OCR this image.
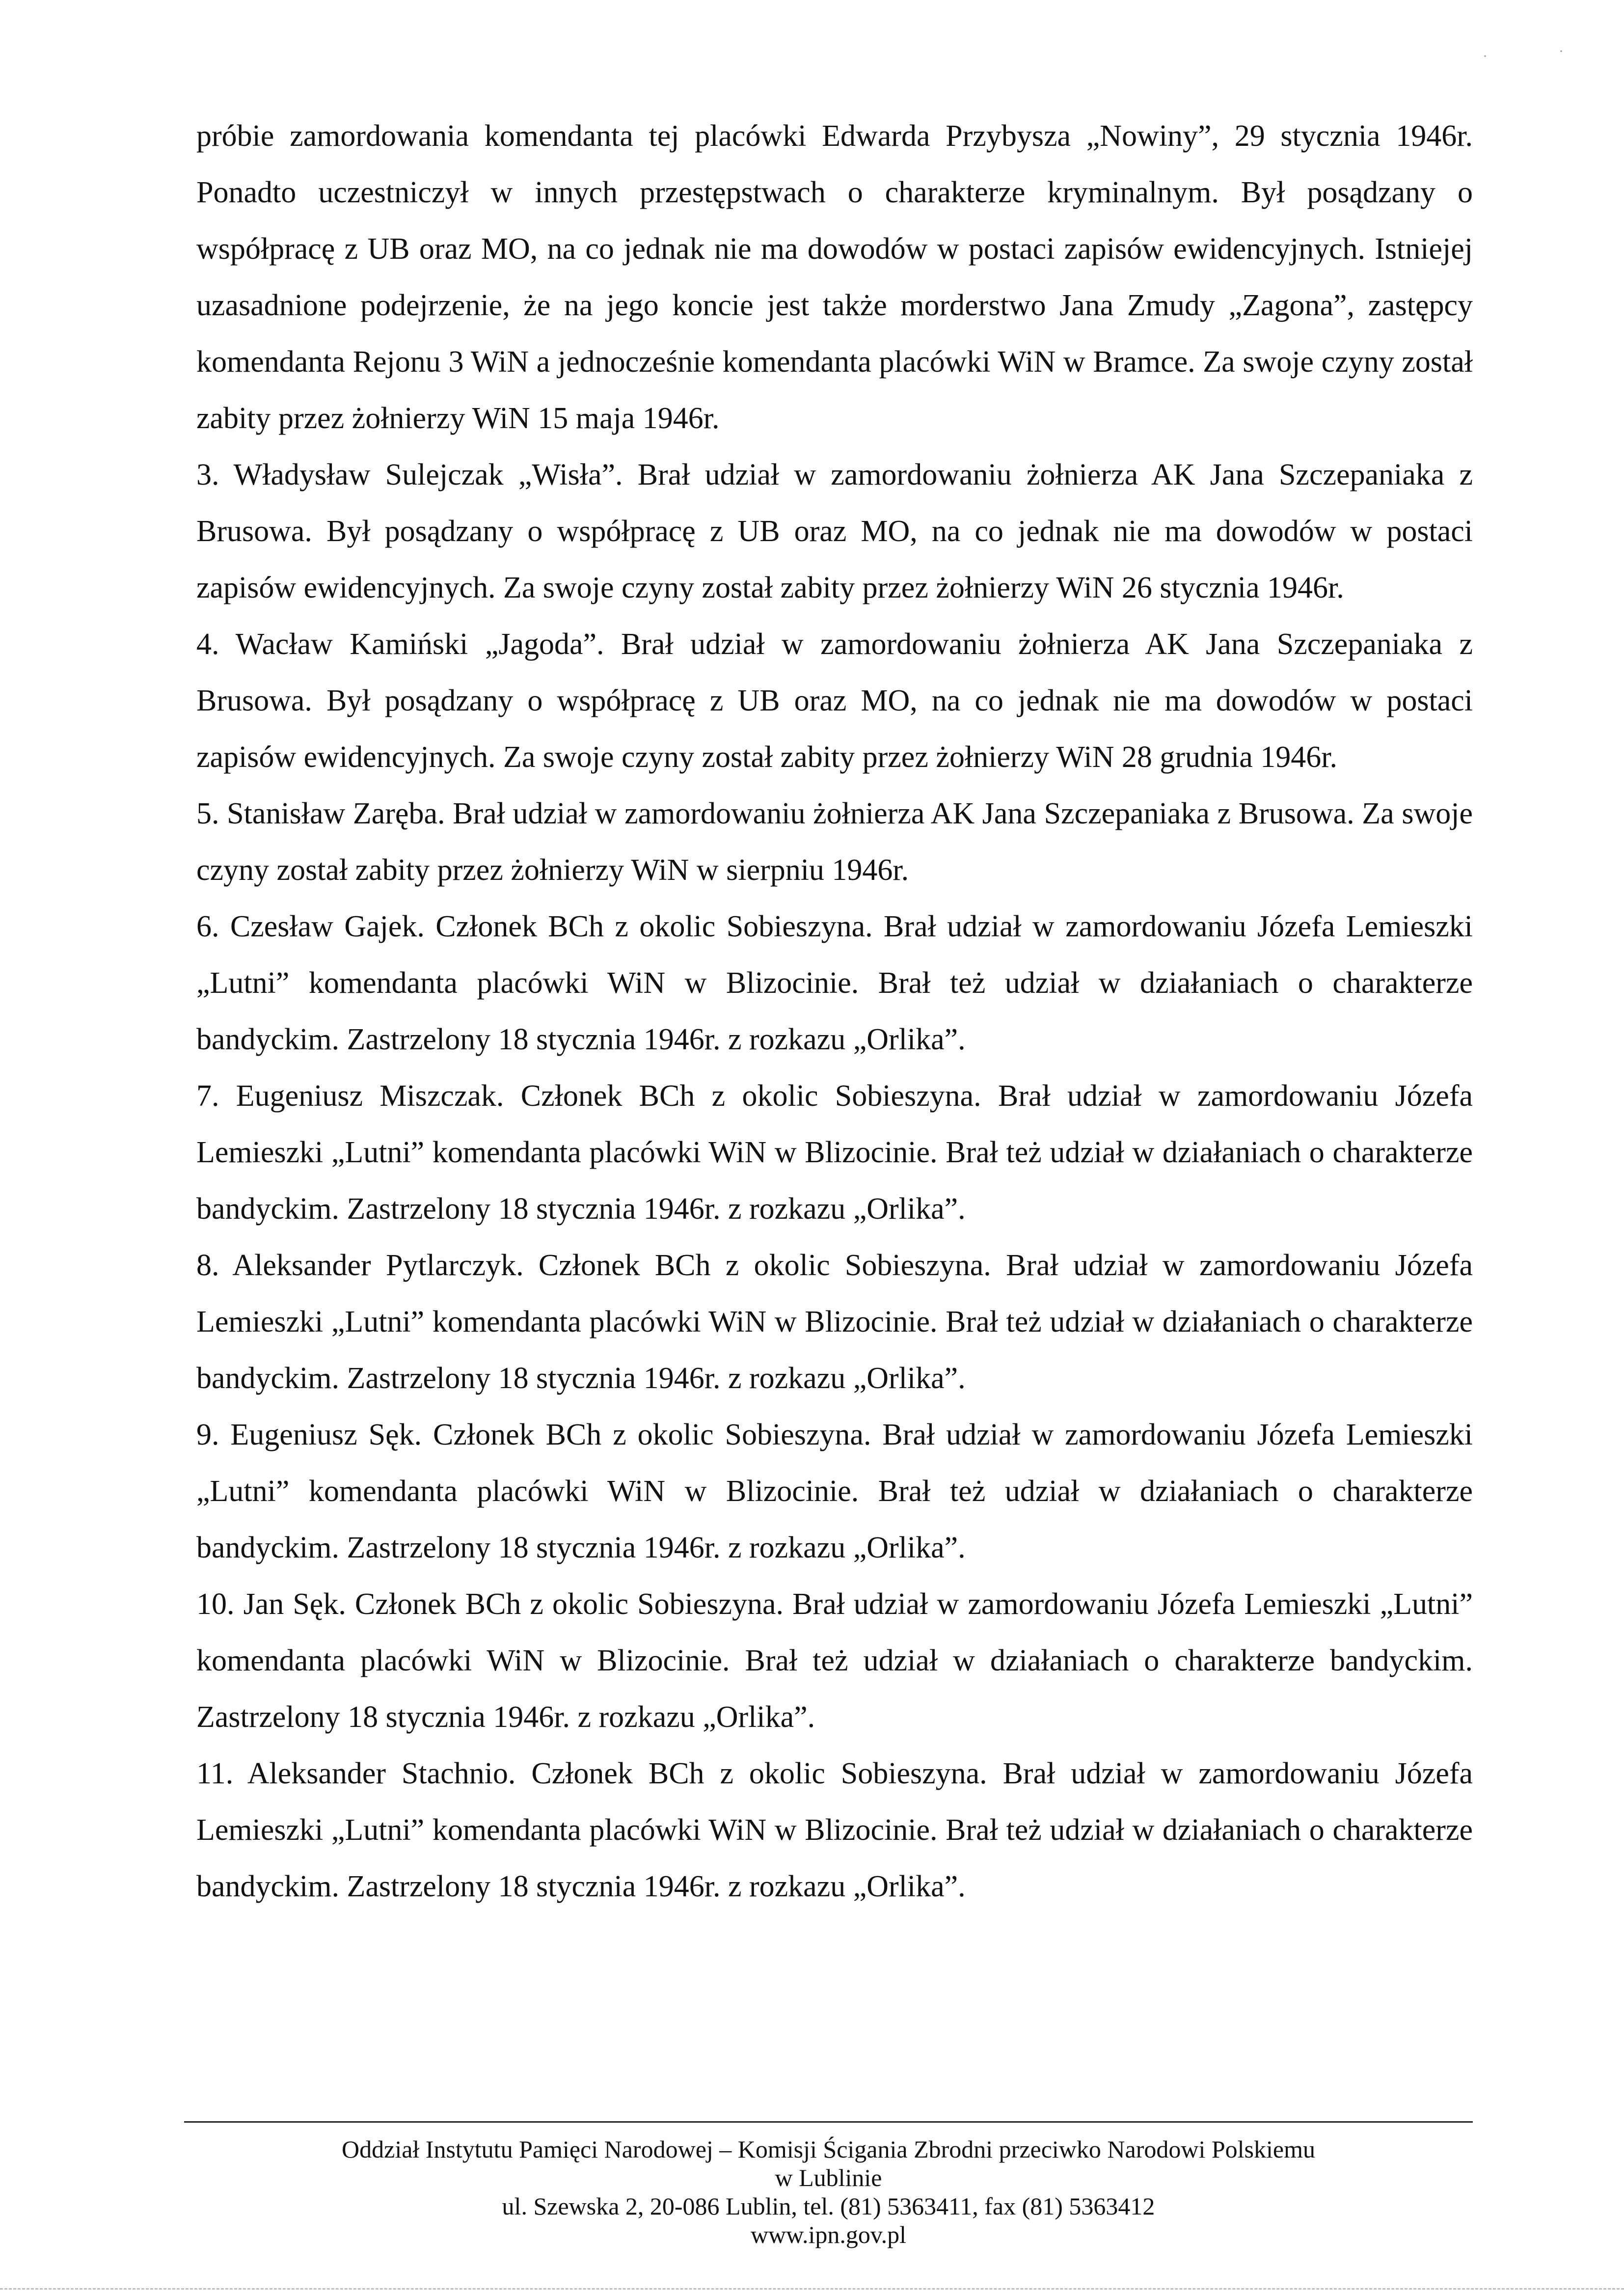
·	·

próbie zamordowania komendanta tej placówki Edwarda Przybysza „Nowiny”, 29 stycznia 1946r. Ponadto uczestniczył w innych przestępstwach o charakterze kryminalnym. Był posądzany o współpracę z UB oraz MO, na co jednak nie ma dowodów w postaci zapisów ewidencyjnych. Istniejej uzasadnione podejrzenie, że na jego koncie jest także morderstwo Jana Zmudy „Zagona”, zastępcy komendanta Rejonu 3 WiN a jednocześnie komendanta placówki WiN w Bramce. Za swoje czyny został zabity przez żołnierzy WiN 15 maja 1946r.

3. Władysław Sulejczak „Wisła”. Brał udział w zamordowaniu żołnierza AK Jana Szczepaniaka z Brusowa. Był posądzany o współpracę z UB oraz MO, na co jednak nie ma dowodów w postaci zapisów ewidencyjnych. Za swoje czyny został zabity przez żołnierzy WiN 26 stycznia 1946r.

4. Wacław Kamiński „Jagoda”. Brał udział w zamordowaniu żołnierza AK Jana Szczepaniaka z Brusowa. Był posądzany o współpracę z UB oraz MO, na co jednak nie ma dowodów w postaci zapisów ewidencyjnych. Za swoje czyny został zabity przez żołnierzy WiN 28 grudnia 1946r.

5. Stanisław Zaręba. Brał udział w zamordowaniu żołnierza AK Jana Szczepaniaka z Brusowa. Za swoje czyny został zabity przez żołnierzy WiN w sierpniu 1946r.

6. Czesław Gajek. Członek BCh z okolic Sobieszyna. Brał udział w zamordowaniu Józefa Lemieszki „Lutni” komendanta placówki WiN w Blizocinie. Brał też udział w działaniach o charakterze bandyckim. Zastrzelony 18 stycznia 1946r. z rozkazu „Orlika”.

7. Eugeniusz Miszczak. Członek BCh z okolic Sobieszyna. Brał udział w zamordowaniu Józefa Lemieszki „Lutni” komendanta placówki WiN w Blizocinie. Brał też udział w działaniach o charakterze bandyckim. Zastrzelony 18 stycznia 1946r. z rozkazu „Orlika”.

8. Aleksander Pytlarczyk. Członek BCh z okolic Sobieszyna. Brał udział w zamordowaniu Józefa Lemieszki „Lutni” komendanta placówki WiN w Blizocinie. Brał też udział w działaniach o charakterze bandyckim. Zastrzelony 18 stycznia 1946r. z rozkazu „Orlika”.

9. Eugeniusz Sęk. Członek BCh z okolic Sobieszyna. Brał udział w zamordowaniu Józefa Lemieszki „Lutni” komendanta placówki WiN w Blizocinie. Brał też udział w działaniach o charakterze bandyckim. Zastrzelony 18 stycznia 1946r. z rozkazu „Orlika”.

10. Jan Sęk. Członek BCh z okolic Sobieszyna. Brał udział w zamordowaniu Józefa Lemieszki „Lutni” komendanta placówki WiN w Blizocinie. Brał też udział w działaniach o charakterze bandyckim. Zastrzelony 18 stycznia 1946r. z rozkazu „Orlika”.

11. Aleksander Stachnio. Członek BCh z okolic Sobieszyna. Brał udział w zamordowaniu Józefa Lemieszki „Lutni” komendanta placówki WiN w Blizocinie. Brał też udział w działaniach o charakterze bandyckim. Zastrzelony 18 stycznia 1946r. z rozkazu „Orlika”.

Oddział Instytutu Pamięci Narodowej – Komisji Ścigania Zbrodni przeciwko Narodowi Polskiemu
w Lublinie
ul. Szewska 2, 20-086 Lublin, tel. (81) 5363411, fax (81) 5363412
www.ipn.gov.pl
